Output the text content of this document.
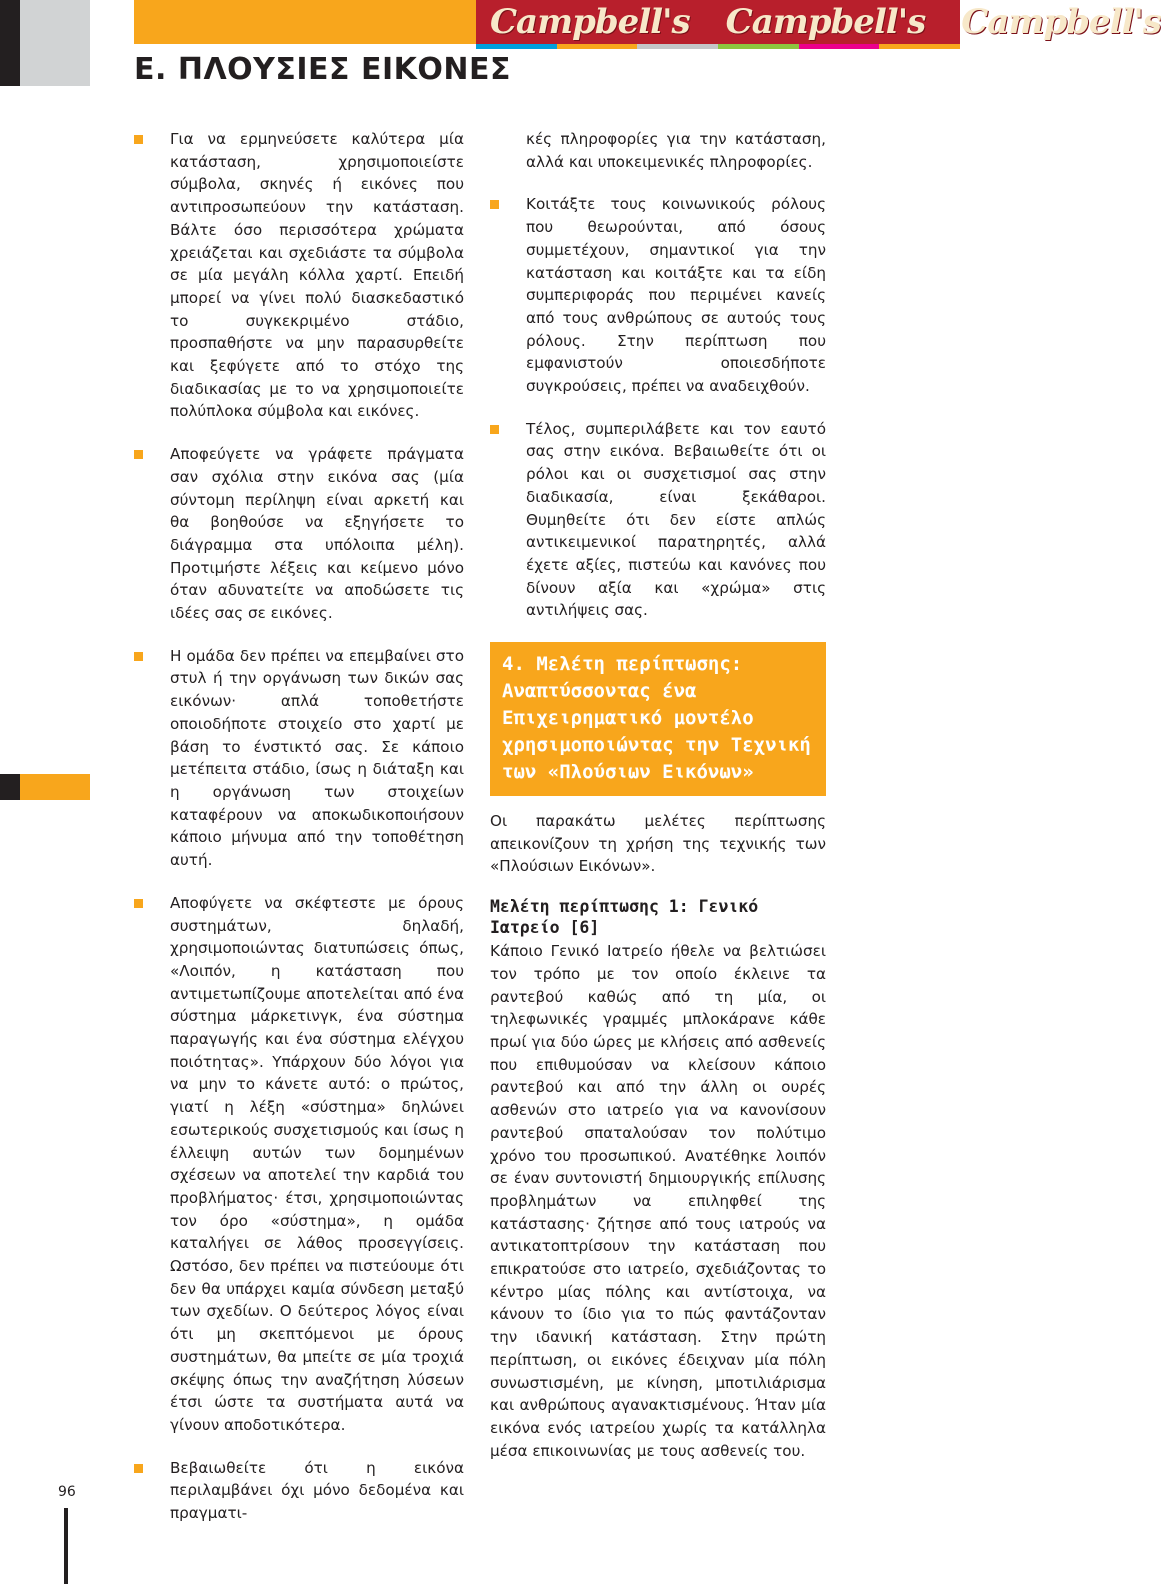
Campbell's Campbell's Campbell's
Ε. ΠΛΟΥΣΙΕΣ ΕΙΚΟΝΕΣ

Για να ερμηνεύσετε καλύτερα μία κατάσταση, χρησιμοποιείστε σύμβολα, σκηνές ή εικόνες που αντιπροσωπεύουν την κατάσταση. Βάλτε όσο περισσότερα χρώματα χρειάζεται και σχεδιάστε τα σύμβολα σε μία μεγάλη κόλλα χαρτί. Επειδή μπορεί να γίνει πολύ διασκεδαστικό το συγκεκριμένο στάδιο, προσπαθήστε να μην παρασυρθείτε και ξεφύγετε από το στόχο της διαδικασίας με το να χρησιμοποιείτε πολύπλοκα σύμβολα και εικόνες.

Αποφεύγετε να γράφετε πράγματα σαν σχόλια στην εικόνα σας (μία σύντομη περίληψη είναι αρκετή και θα βοηθούσε να εξηγήσετε το διάγραμμα στα υπόλοιπα μέλη). Προτιμήστε λέξεις και κείμενο μόνο όταν αδυνατείτε να αποδώσετε τις ιδέες σας σε εικόνες.

Η ομάδα δεν πρέπει να επεμβαίνει στο στυλ ή την οργάνωση των δικών σας εικόνων· απλά τοποθετήστε οποιοδήποτε στοιχείο στο χαρτί με βάση το ένστικτό σας. Σε κάποιο μετέπειτα στάδιο, ίσως η διάταξη και η οργάνωση των στοιχείων καταφέρουν να αποκωδικοποιήσουν κάποιο μήνυμα από την τοποθέτηση αυτή.

Αποφύγετε να σκέφτεστε με όρους συστημάτων, δηλαδή, χρησιμοποιώντας διατυπώσεις όπως, «Λοιπόν, η κατάσταση που αντιμετωπίζουμε αποτελείται από ένα σύστημα μάρκετινγκ, ένα σύστημα παραγωγής και ένα σύστημα ελέγχου ποιότητας». Υπάρχουν δύο λόγοι για να μην το κάνετε αυτό: ο πρώτος, γιατί η λέξη «σύστημα» δηλώνει εσωτερικούς συσχετισμούς και ίσως η έλλειψη αυτών των δομημένων σχέσεων να αποτελεί την καρδιά του προβλήματος· έτσι, χρησιμοποιώντας τον όρο «σύστημα», η ομάδα καταλήγει σε λάθος προσεγγίσεις. Ωστόσο, δεν πρέπει να πιστεύουμε ότι δεν θα υπάρχει καμία σύνδεση μεταξύ των σχεδίων. Ο δεύτερος λόγος είναι ότι μη σκεπτόμενοι με όρους συστημάτων, θα μπείτε σε μία τροχιά σκέψης όπως την αναζήτηση λύσεων έτσι ώστε τα συστήματα αυτά να γίνουν αποδοτικότερα.

Βεβαιωθείτε ότι η εικόνα περιλαμβάνει όχι μόνο δεδομένα και πραγματι-

κές πληροφορίες για την κατάσταση, αλλά και υποκειμενικές πληροφορίες.

Κοιτάξτε τους κοινωνικούς ρόλους που θεωρούνται, από όσους συμμετέχουν, σημαντικοί για την κατάσταση και κοιτάξτε και τα είδη συμπεριφοράς που περιμένει κανείς από τους ανθρώπους σε αυτούς τους ρόλους. Στην περίπτωση που εμφανιστούν οποιεσδήποτε συγκρούσεις, πρέπει να αναδειχθούν.

Τέλος, συμπεριλάβετε και τον εαυτό σας στην εικόνα. Βεβαιωθείτε ότι οι ρόλοι και οι συσχετισμοί σας στην διαδικασία, είναι ξεκάθαροι. Θυμηθείτε ότι δεν είστε απλώς αντικειμενικοί παρατηρητές, αλλά έχετε αξίες, πιστεύω και κανόνες που δίνουν αξία και «χρώμα» στις αντιλήψεις σας.

4. Μελέτη περίπτωσης: Αναπτύσσοντας ένα Επιχειρηματικό μοντέλο χρησιμοποιώντας την Τεχνική των «Πλούσιων Εικόνων»

Οι παρακάτω μελέτες περίπτωσης απεικονίζουν τη χρήση της τεχνικής των «Πλούσιων Εικόνων».

Μελέτη περίπτωσης 1: Γενικό Ιατρείο [6]

Κάποιο Γενικό Ιατρείο ήθελε να βελτιώσει τον τρόπο με τον οποίο έκλεινε τα ραντεβού καθώς από τη μία, οι τηλεφωνικές γραμμές μπλοκάρανε κάθε πρωί για δύο ώρες με κλήσεις από ασθενείς που επιθυμούσαν να κλείσουν κάποιο ραντεβού και από την άλλη οι ουρές ασθενών στο ιατρείο για να κανονίσουν ραντεβού σπαταλούσαν τον πολύτιμο χρόνο του προσωπικού. Ανατέθηκε λοιπόν σε έναν συντονιστή δημιουργικής επίλυσης προβλημάτων να επιληφθεί της κατάστασης· ζήτησε από τους ιατρούς να αντικατοπτρίσουν την κατάσταση που επικρατούσε στο ιατρείο, σχεδιάζοντας το κέντρο μίας πόλης και αντίστοιχα, να κάνουν το ίδιο για το πώς φαντάζονταν την ιδανική κατάσταση. Στην πρώτη περίπτωση, οι εικόνες έδειχναν μία πόλη συνωστισμένη, με κίνηση, μποτιλιάρισμα και ανθρώπους αγανακτισμένους. Ήταν μία εικόνα ενός ιατρείου χωρίς τα κατάλληλα μέσα επικοινωνίας με τους ασθενείς του.

96
